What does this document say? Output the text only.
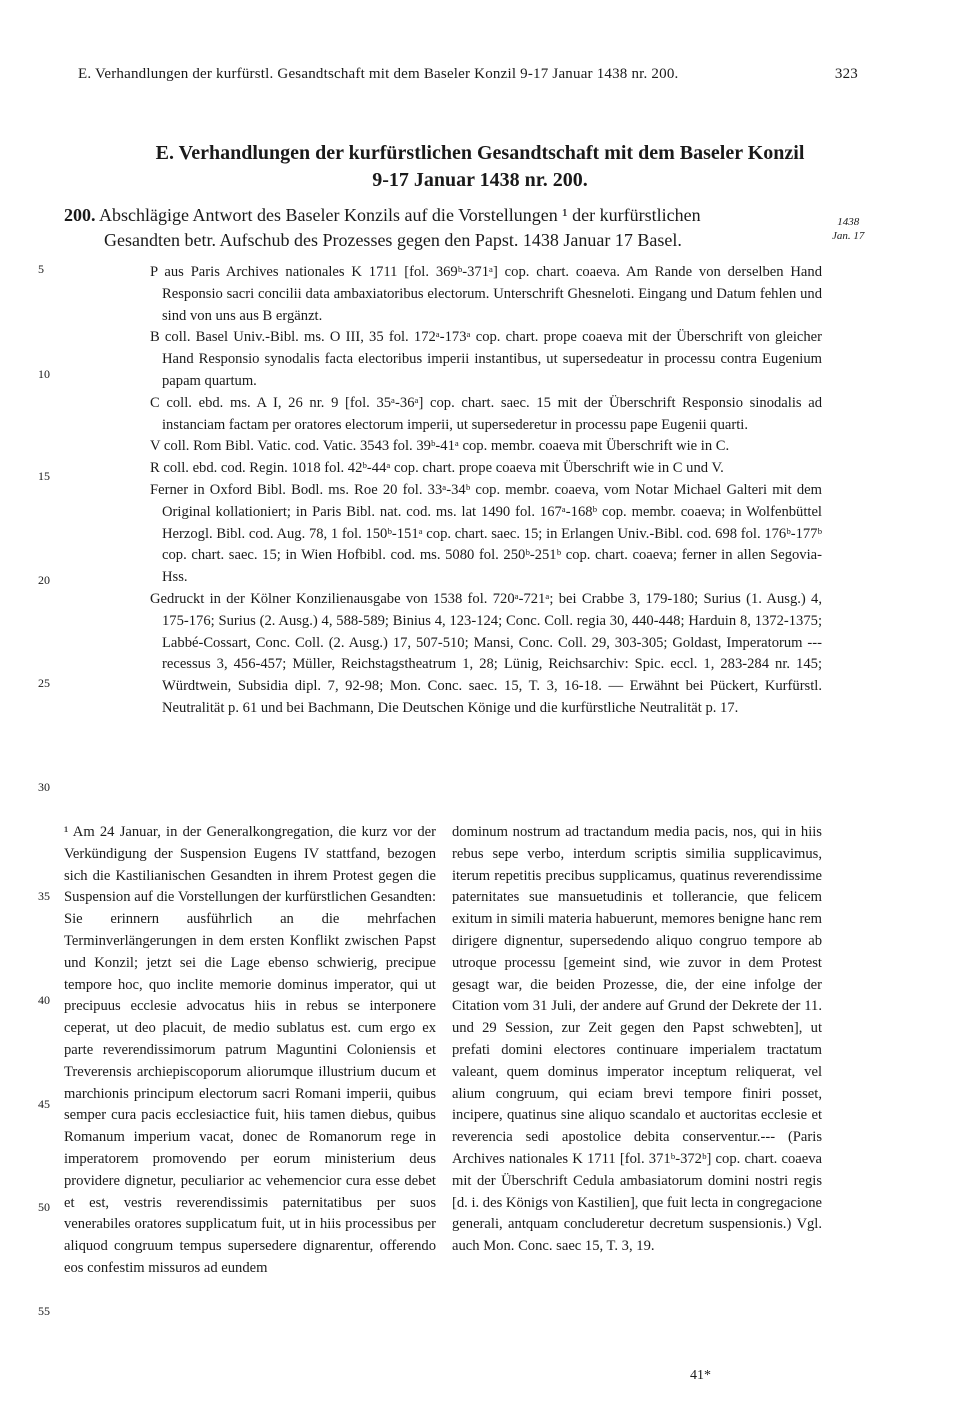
E. Verhandlungen der kurfürstl. Gesandtschaft mit dem Baseler Konzil 9-17 Januar 1438 nr. 200.	323
E. Verhandlungen der kurfürstlichen Gesandtschaft mit dem Baseler Konzil
9-17 Januar 1438 nr. 200.
200. Abschlägige Antwort des Baseler Konzils auf die Vorstellungen ¹ der kurfürstlichen
Gesandten betr. Aufschub des Prozesses gegen den Papst. 1438 Januar 17 Basel.
1438
Jan. 17
5
10
15
20
25
30
35
40
45
50
55

P aus Paris Archives nationales K 1711 [fol. 369ᵇ-371ᵃ] cop. chart. coaeva. Am Rande von derselben Hand Responsio sacri concilii data ambaxiatoribus electorum. Unterschrift Ghesneloti. Eingang und Datum fehlen und sind von uns aus B ergänzt.

B coll. Basel Univ.-Bibl. ms. O III, 35 fol. 172ᵃ-173ᵃ cop. chart. prope coaeva mit der Überschrift von gleicher Hand Responsio synodalis facta electoribus imperii instantibus, ut supersedeatur in processu contra Eugenium papam quartum.

C coll. ebd. ms. A I, 26 nr. 9 [fol. 35ᵃ-36ᵃ] cop. chart. saec. 15 mit der Überschrift Responsio sinodalis ad instanciam factam per oratores electorum imperii, ut supersederetur in processu pape Eugenii quarti.

V coll. Rom Bibl. Vatic. cod. Vatic. 3543 fol. 39ᵇ-41ᵃ cop. membr. coaeva mit Überschrift wie in C.

R coll. ebd. cod. Regin. 1018 fol. 42ᵇ-44ᵃ cop. chart. prope coaeva mit Überschrift wie in C und V.

Ferner in Oxford Bibl. Bodl. ms. Roe 20 fol. 33ᵃ-34ᵇ cop. membr. coaeva, vom Notar Michael Galteri mit dem Original kollationiert; in Paris Bibl. nat. cod. ms. lat 1490 fol. 167ᵃ-168ᵇ cop. membr. coaeva; in Wolfenbüttel Herzogl. Bibl. cod. Aug. 78, 1 fol. 150ᵇ-151ᵃ cop. chart. saec. 15; in Erlangen Univ.-Bibl. cod. 698 fol. 176ᵇ-177ᵇ cop. chart. saec. 15; in Wien Hofbibl. cod. ms. 5080 fol. 250ᵇ-251ᵇ cop. chart. coaeva; ferner in allen Segovia-Hss.

Gedruckt in der Kölner Konzilienausgabe von 1538 fol. 720ᵃ-721ᵃ; bei Crabbe 3, 179-180; Surius (1. Ausg.) 4, 175-176; Surius (2. Ausg.) 4, 588-589; Binius 4, 123-124; Conc. Coll. regia 30, 440-448; Harduin 8, 1372-1375; Labbé-Cossart, Conc. Coll. (2. Ausg.) 17, 507-510; Mansi, Conc. Coll. 29, 303-305; Goldast, Imperatorum --- recessus 3, 456-457; Müller, Reichstagstheatrum 1, 28; Lünig, Reichsarchiv: Spic. eccl. 1, 283-284 nr. 145; Würdtwein, Subsidia dipl. 7, 92-98; Mon. Conc. saec. 15, T. 3, 16-18. — Erwähnt bei Pückert, Kurfürstl. Neutralität p. 61 und bei Bachmann, Die Deutschen Könige und die kurfürstliche Neutralität p. 17.

¹ Am 24 Januar, in der Generalkongregation, die kurz vor der Verkündigung der Suspension Eugens IV stattfand, bezogen sich die Kastilianischen Gesandten in ihrem Protest gegen die Suspension auf die Vorstellungen der kurfürstlichen Gesandten: Sie erinnern ausführlich an die mehrfachen Terminverlängerungen in dem ersten Konflikt zwischen Papst und Konzil; jetzt sei die Lage ebenso schwierig, precipue tempore hoc, quo inclite memorie dominus imperator, qui ut precipuus ecclesie advocatus hiis in rebus se interponere ceperat, ut deo placuit, de medio sublatus est. cum ergo ex parte reverendissimorum patrum Maguntini Coloniensis et Treverensis archiepiscoporum aliorumque illustrium ducum et marchionis principum electorum sacri Romani imperii, quibus semper cura pacis ecclesiactice fuit, hiis tamen diebus, quibus Romanum imperium vacat, donec de Romanorum rege in imperatorem promovendo per eorum ministerium deus providere dignetur, peculiarior ac vehemencior cura esse debet et est, vestris reverendissimis paternitatibus per suos venerabiles oratores supplicatum fuit, ut in hiis processibus per aliquod congruum tempus supersedere dignarentur, offerendo eos confestim missuros ad eundem
dominum nostrum ad tractandum media pacis, nos, qui in hiis rebus sepe verbo, interdum scriptis similia supplicavimus, iterum repetitis precibus supplicamus, quatinus reverendissime paternitates sue mansuetudinis et tollerancie, que felicem exitum in simili materia habuerunt, memores benigne hanc rem dirigere dignentur, supersedendo aliquo congruo tempore ab utroque processu [gemeint sind, wie zuvor in dem Protest gesagt war, die beiden Prozesse, die, der eine infolge der Citation vom 31 Juli, der andere auf Grund der Dekrete der 11. und 29 Session, zur Zeit gegen den Papst schwebten], ut prefati domini electores continuare imperialem tractatum valeant, quem dominus imperator inceptum reliquerat, vel alium congruum, qui eciam brevi tempore finiri posset, incipere, quatinus sine aliquo scandalo et auctoritas ecclesie et reverencia sedi apostolice debita conserventur.--- (Paris Archives nationales K 1711 [fol. 371ᵇ-372ᵇ] cop. chart. coaeva mit der Überschrift Cedula ambasiatorum domini nostri regis [d. i. des Königs von Kastilien], que fuit lecta in congregacione generali, antquam concluderetur decretum suspensionis.) Vgl. auch Mon. Conc. saec 15, T. 3, 19.
41*
